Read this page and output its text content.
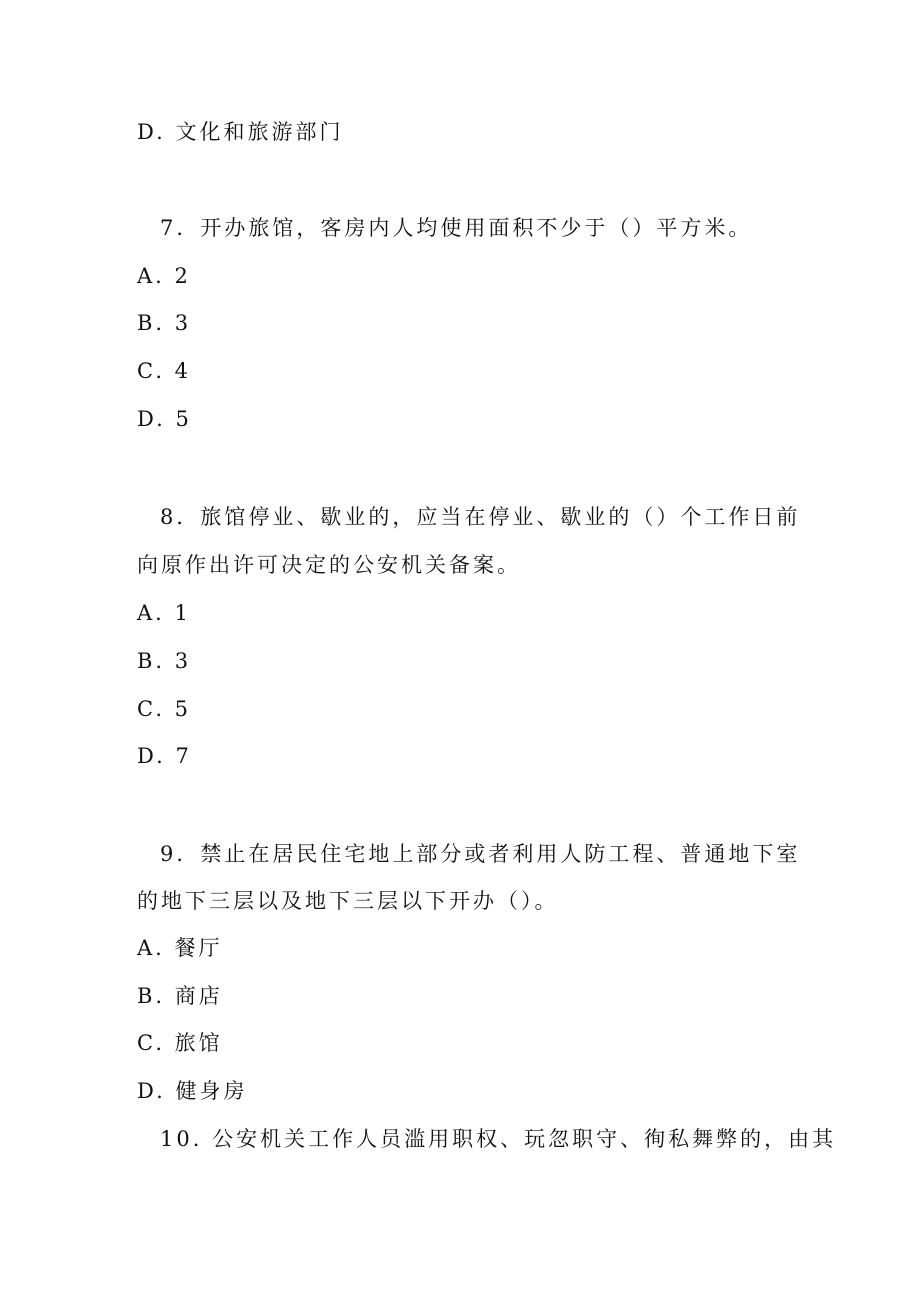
D. 文化和旅游部门
7．开办旅馆，客房内人均使用面积不少于（）平方米。
A. 2
B. 3
C. 4
D. 5
8．旅馆停业、歇业的，应当在停业、歇业的（）个工作日前
向原作出许可决定的公安机关备案。
A. 1
B. 3
C. 5
D. 7
9．禁止在居民住宅地上部分或者利用人防工程、普通地下室
的地下三层以及地下三层以下开办（）。
A. 餐厅
B. 商店
C. 旅馆
D. 健身房
10. 公安机关工作人员滥用职权、玩忽职守、徇私舞弊的，由其
